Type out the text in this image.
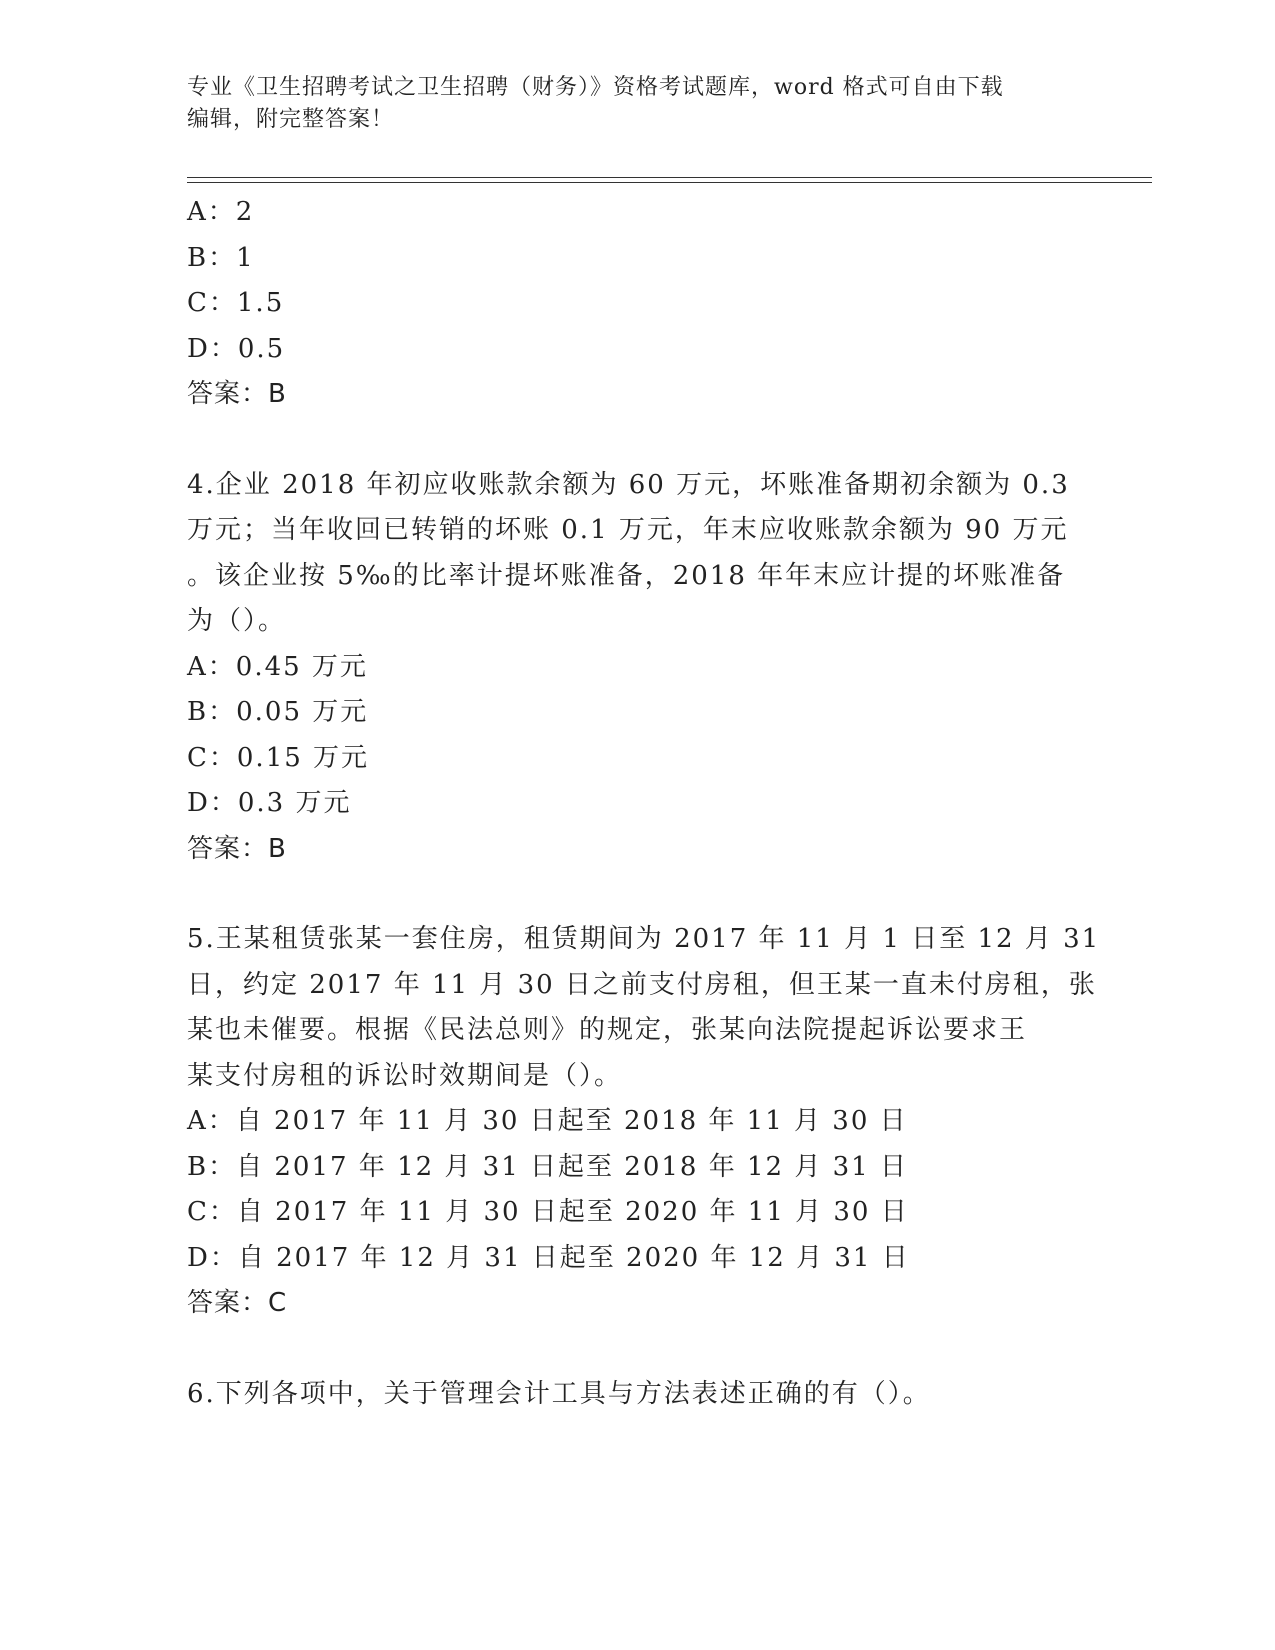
专业《卫生招聘考试之卫生招聘（财务）》资格考试题库，word 格式可自由下载
编辑，附完整答案！
A：2
B：1
C：1.5
D：0.5
答案：B
4.企业 2018 年初应收账款余额为 60 万元，坏账准备期初余额为 0.3
万元；当年收回已转销的坏账 0.1 万元，年末应收账款余额为 90 万元
。该企业按 5‰的比率计提坏账准备，2018 年年末应计提的坏账准备
为（）。
A：0.45 万元
B：0.05 万元
C：0.15 万元
D：0.3 万元
答案：B
5.王某租赁张某一套住房，租赁期间为 2017 年 11 月 1 日至 12 月 31
日，约定 2017 年 11 月 30 日之前支付房租，但王某一直未付房租，张
某也未催要。根据《民法总则》的规定，张某向法院提起诉讼要求王
某支付房租的诉讼时效期间是（）。
A：自 2017 年 11 月 30 日起至 2018 年 11 月 30 日
B：自 2017 年 12 月 31 日起至 2018 年 12 月 31 日
C：自 2017 年 11 月 30 日起至 2020 年 11 月 30 日
D：自 2017 年 12 月 31 日起至 2020 年 12 月 31 日
答案：C
6.下列各项中，关于管理会计工具与方法表述正确的有（）。
